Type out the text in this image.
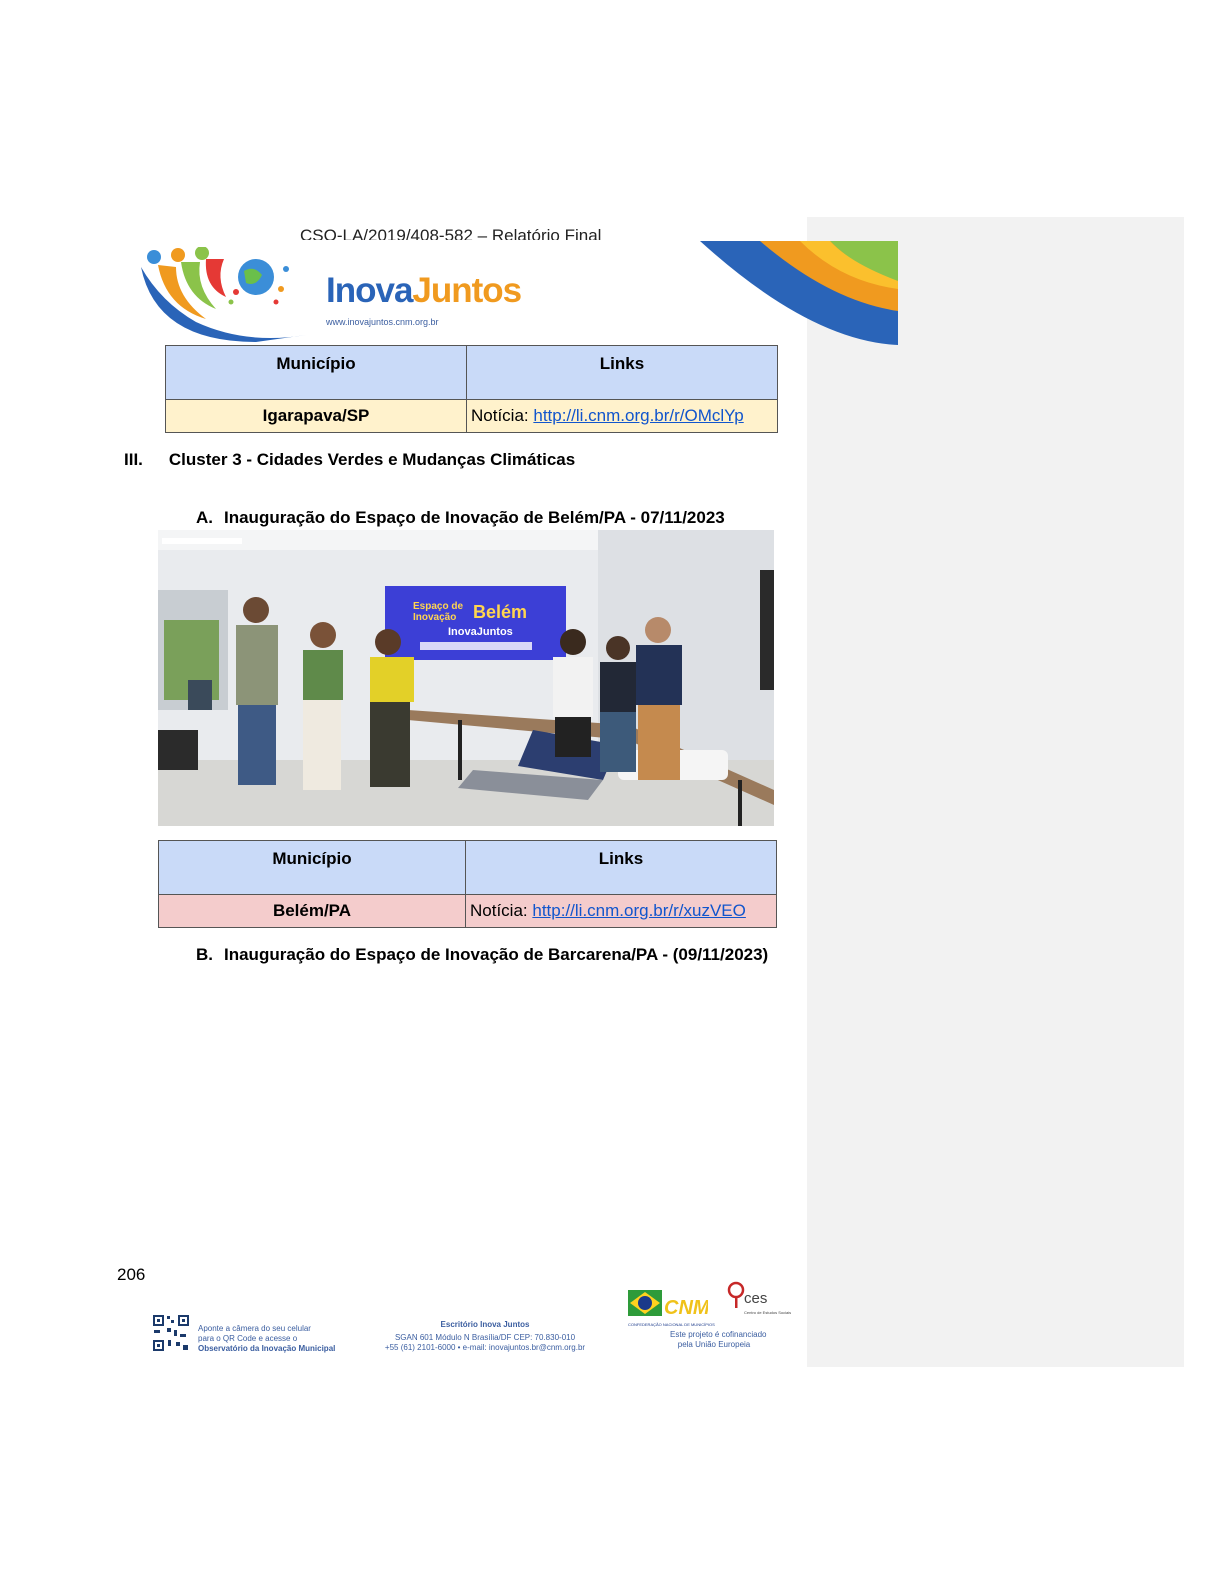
CSO-LA/2019/408-582 – Relatório Final
InovaJuntos
www.inovajuntos.cnm.org.br
Município	Links
Igarapava/SP	Notícia: http://li.cnm.org.br/r/OMclYp
III. Cluster 3 - Cidades Verdes e Mudanças Climáticas
A. Inauguração do Espaço de Inovação de Belém/PA - 07/11/2023
Espaço de
Inovação Belém
InovaJuntos
Município	Links
Belém/PA	Notícia: http://li.cnm.org.br/r/xuzVEO
B. Inauguração do Espaço de Inovação de Barcarena/PA - (09/11/2023)
206
Aponte a câmera do seu celular
para o QR Code e acesse o
Observatório da Inovação Municipal
Escritório Inova Juntos
SGAN 601 Módulo N Brasília/DF CEP: 70.830-010
+55 (61) 2101-6000 • e-mail: inovajuntos.br@cnm.org.br
CNM
CONFEDERAÇÃO NACIONAL DE MUNICÍPIOS
ces
Centro de Estudos Sociais
Este projeto é cofinanciado
pela União Europeia
